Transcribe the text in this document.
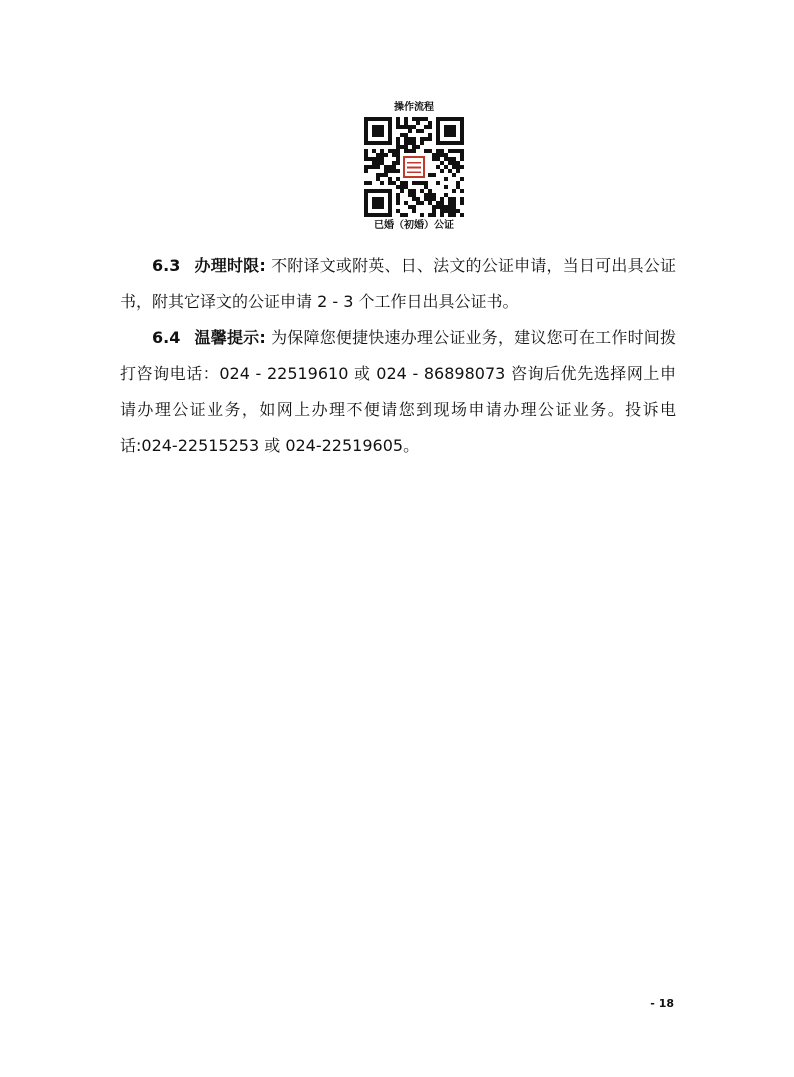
操作流程
已婚（初婚）公证

6.3 办理时限: 不附译文或附英、日、法文的公证申请，当日可出具公证书，附其它译文的公证申请 2 - 3 个工作日出具公证书。

6.4 温馨提示: 为保障您便捷快速办理公证业务，建议您可在工作时间拨打咨询电话：024 - 22519610 或 024 - 86898073 咨询后优先选择网上申请办理公证业务，如网上办理不便请您到现场申请办理公证业务。投诉电话:024-22515253 或 024-22519605。

- 18
